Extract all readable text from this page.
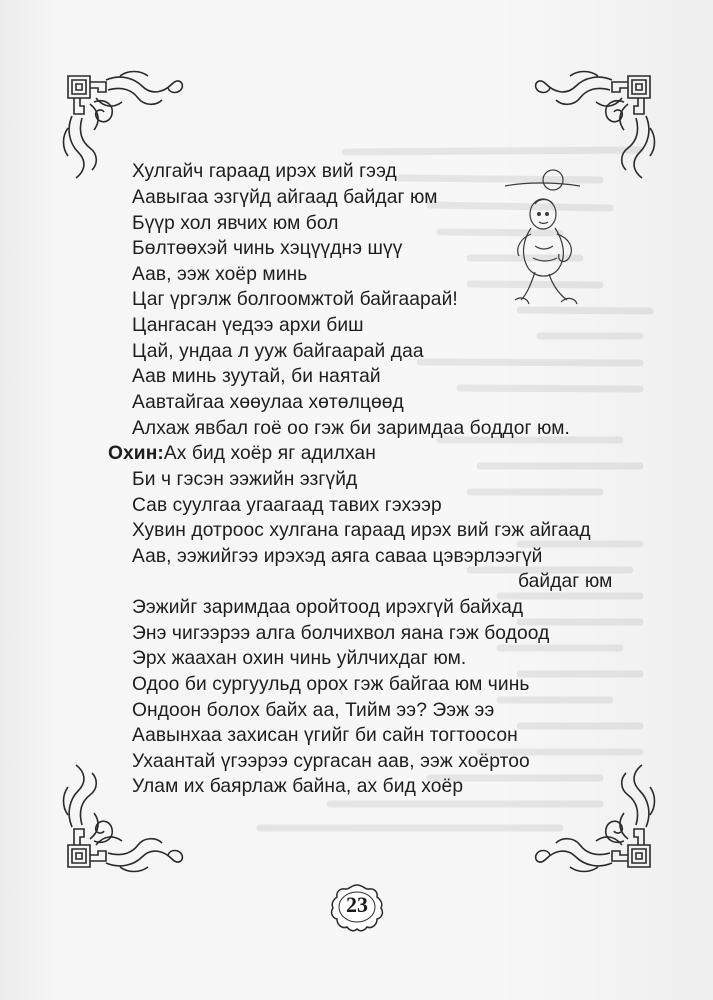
Хулгайч гараад ирэх вий гээд
Аавыгаа эзгүйд айгаад байдаг юм
Бүүр хол явчих юм бол
Бөлтөөхэй чинь хэцүүднэ шүү
Аав, ээж хоёр минь
Цаг үргэлж болгоомжтой байгаарай!
Цангасан үедээ архи биш
Цай, ундаа л ууж байгаарай даа
Аав минь зуутай, би наятай
Аавтайгаа хөөулаа хөтөлцөөд
Алхаж явбал гоё оо гэж би заримдаа боддог юм.
Охин:Ах бид хоёр яг адилхан
Би ч гэсэн ээжийн эзгүйд
Сав суулгаа угаагаад тавих гэхээр
Хувин дотроос хулгана гараад ирэх вий гэж айгаад
Аав, ээжийгээ ирэхэд аяга саваа цэвэрлээгүй
байдаг юм
Ээжийг заримдаа оройтоод ирэхгүй байхад
Энэ чигээрээ алга болчихвол яана гэж бодоод
Эрх жаахан охин чинь уйлчихдаг юм.
Одоо би сургуульд орох гэж байгаа юм чинь
Ондоон болох байх аа, Тийм ээ? Ээж ээ
Аавынхаа захисан үгийг би сайн тогтоосон
Ухаантай үгээрээ сургасан аав, ээж хоёртоо
Улам их баярлаж байна, ах бид хоёр
23
